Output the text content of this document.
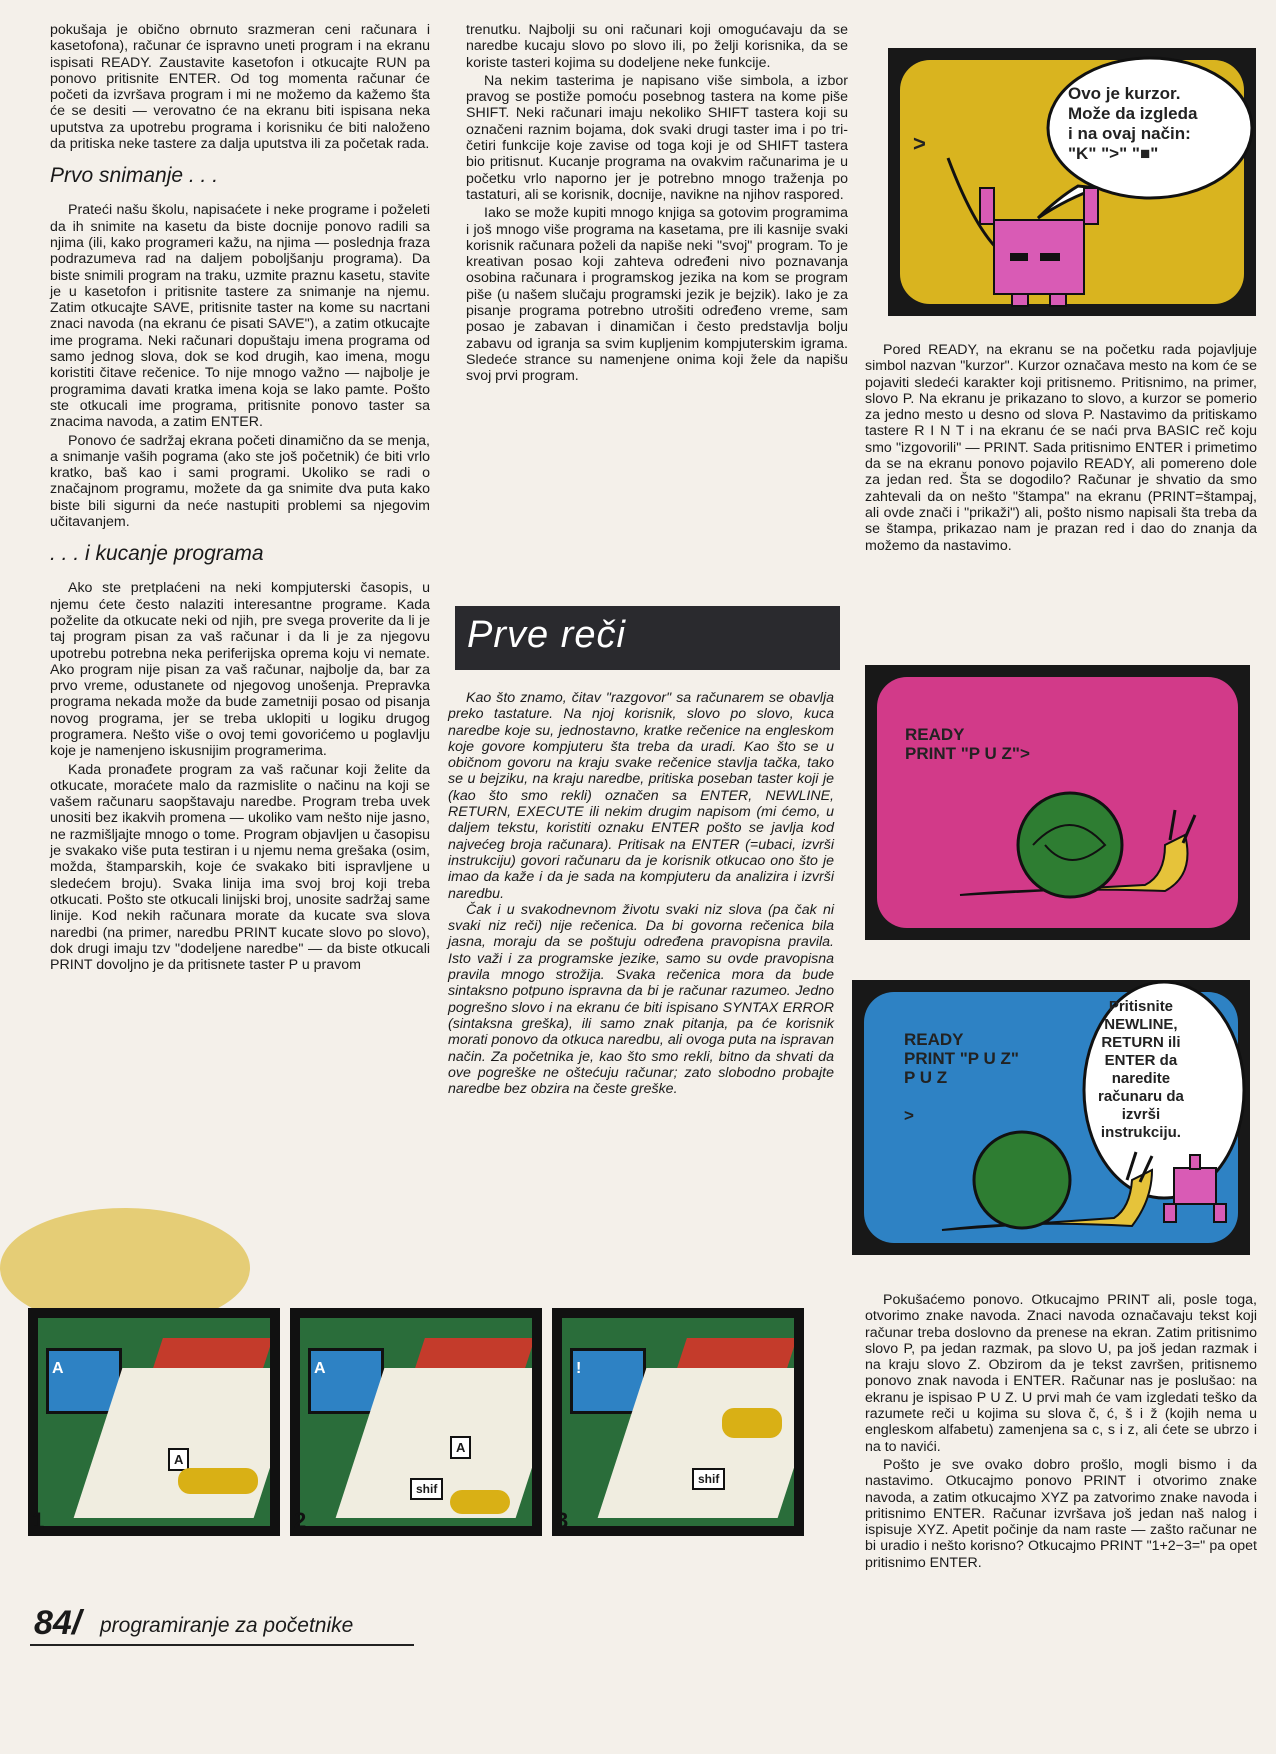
pokušaja je obično obrnuto srazmeran ceni računara i kasetofona), računar će ispravno uneti program i na ekranu ispisati READY. Zaustavite kasetofon i otkucajte RUN pa ponovo pritisnite ENTER. Od tog momenta računar će početi da izvršava program i mi ne možemo da kažemo šta će se desiti — verovatno će na ekranu biti ispisana neka uputstva za upotrebu programa i korisniku će biti naloženo da pritiska neke tastere za dalja uputstva ili za početak rada.

Prvo snimanje . . .

Prateći našu školu, napisaćete i neke programe i poželeti da ih snimite na kasetu da biste docnije ponovo radili sa njima (ili, kako programeri kažu, na njima — poslednja fraza podrazumeva rad na daljem poboljšanju programa). Da biste snimili program na traku, uzmite praznu kasetu, stavite je u kasetofon i pritisnite tastere za snimanje na njemu. Zatim otkucajte SAVE, pritisnite taster na kome su nacrtani znaci navoda (na ekranu će pisati SAVE"), a zatim otkucajte ime programa. Neki računari dopuštaju imena programa od samo jednog slova, dok se kod drugih, kao imena, mogu koristiti čitave rečenice. To nije mnogo važno — najbolje je programima davati kratka imena koja se lako pamte. Pošto ste otkucali ime programa, pritisnite ponovo taster sa znacima navoda, a zatim ENTER.

Ponovo će sadržaj ekrana početi dinamično da se menja, a snimanje vaših pograma (ako ste još početnik) će biti vrlo kratko, baš kao i sami programi. Ukoliko se radi o značajnom programu, možete da ga snimite dva puta kako biste bili sigurni da neće nastupiti problemi sa njegovim učitavanjem.

. . . i kucanje programa

Ako ste pretplaćeni na neki kompjuterski časopis, u njemu ćete često nalaziti interesantne programe. Kada poželite da otkucate neki od njih, pre svega proverite da li je taj program pisan za vaš računar i da li je za njegovu upotrebu potrebna neka periferijska oprema koju vi nemate. Ako program nije pisan za vaš računar, najbolje da, bar za prvo vreme, odustanete od njegovog unošenja. Prepravka programa nekada može da bude zametniji posao od pisanja novog programa, jer se treba uklopiti u logiku drugog programera. Nešto više o ovoj temi govorićemo u poglavlju koje je namenjeno iskusnijim programerima.

Kada pronađete program za vaš računar koji želite da otkucate, moraćete malo da razmislite o načinu na koji se vašem računaru saopštavaju naredbe. Program treba uvek unositi bez ikakvih promena — ukoliko vam nešto nije jasno, ne razmišljajte mnogo o tome. Program objavljen u časopisu je svakako više puta testiran i u njemu nema grešaka (osim, možda, štamparskih, koje će svakako biti ispravljene u sledećem broju). Svaka linija ima svoj broj koji treba otkucati. Pošto ste otkucali linijski broj, unosite sadržaj same linije. Kod nekih računara morate da kucate sva slova naredbi (na primer, naredbu PRINT kucate slovo po slovo), dok drugi imaju tzv "dodeljene naredbe" — da biste otkucali PRINT dovoljno je da pritisnete taster P u pravom

trenutku. Najbolji su oni računari koji omogućavaju da se naredbe kucaju slovo po slovo ili, po želji korisnika, da se koriste tasteri kojima su dodeljene neke funkcije.

Na nekim tasterima je napisano više simbola, a izbor pravog se postiže pomoću posebnog tastera na kome piše SHIFT. Neki računari imaju nekoliko SHIFT tastera koji su označeni raznim bojama, dok svaki drugi taster ima i po tri-četiri funkcije koje zavise od toga koji je od SHIFT tastera bio pritisnut. Kucanje programa na ovakvim računarima je u početku vrlo naporno jer je potrebno mnogo traženja po tastaturi, ali se korisnik, docnije, navikne na njihov raspored.

Iako se može kupiti mnogo knjiga sa gotovim programima i još mnogo više programa na kasetama, pre ili kasnije svaki korisnik računara poželi da napiše neki "svoj" program. To je kreativan posao koji zahteva određeni nivo poznavanja osobina računara i programskog jezika na kom se program piše (u našem slučaju programski jezik je bejzik). Iako je za pisanje programa potrebno utrošiti određeno vreme, sam posao je zabavan i dinamičan i često predstavlja bolju zabavu od igranja sa svim kupljenim kompjuterskim igrama. Sledeće strance su namenjene onima koji žele da napišu svoj prvi program.

Prve reči

Kao što znamo, čitav "razgovor" sa računarem se obavlja preko tastature. Na njoj korisnik, slovo po slovo, kuca naredbe koje su, jednostavno, kratke rečenice na engleskom koje govore kompjuteru šta treba da uradi. Kao što se u običnom govoru na kraju svake rečenice stavlja tačka, tako se u bejziku, na kraju naredbe, pritiska poseban taster koji je (kao što smo rekli) označen sa ENTER, NEWLINE, RETURN, EXECUTE ili nekim drugim napisom (mi ćemo, u daljem tekstu, koristiti oznaku ENTER pošto se javlja kod najvećeg broja računara). Pritisak na ENTER (=ubaci, izvrši instrukciju) govori računaru da je korisnik otkucao ono što je imao da kaže i da je sada na kompjuteru da analizira i izvrši naredbu.

Čak i u svakodnevnom životu svaki niz slova (pa čak ni svaki niz reči) nije rečenica. Da bi govorna rečenica bila jasna, moraju da se poštuju određena pravopisna pravila. Isto važi i za programske jezike, samo su ovde pravopisna pravila mnogo strožija. Svaka rečenica mora da bude sintaksno potpuno ispravna da bi je računar razumeo. Jedno pogrešno slovo i na ekranu će biti ispisano SYNTAX ERROR (sintaksna greška), ili samo znak pitanja, pa će korisnik morati ponovo da otkuca naredbu, ali ovoga puta na ispravan način. Za početnika je, kao što smo rekli, bitno da shvati da ove pogreške ne oštećuju računar; zato slobodno probajte naredbe bez obzira na česte greške.

Ovo je kurzor.
Može da izgleda
i na ovaj način:
"K" ">" "■"
>
READY
PRINT "P U Z">
READY
PRINT "P U Z"
P U Z

>
Pritisnite
NEWLINE,
RETURN ili
ENTER da
naredite
računaru da
izvrši
instrukciju.

Pored READY, na ekranu se na početku rada pojavljuje simbol nazvan "kurzor". Kurzor označava mesto na kom će se pojaviti sledeći karakter koji pritisnemo. Pritisnimo, na primer, slovo P. Na ekranu je prikazano to slovo, a kurzor se pomerio za jedno mesto u desno od slova P. Nastavimo da pritiskamo tastere R I N T i na ekranu će se naći prva BASIC reč koju smo "izgovorili" — PRINT. Sada pritisnimo ENTER i primetimo da se na ekranu ponovo pojavilo READY, ali pomereno dole za jedan red. Šta se dogodilo? Računar je shvatio da smo zahtevali da on nešto "štampa" na ekranu (PRINT=štampaj, ali ovde znači i "prikaži") ali, pošto nismo napisali šta treba da se štampa, prikazao nam je prazan red i dao do znanja da možemo da nastavimo.

Pokušaćemo ponovo. Otkucajmo PRINT ali, posle toga, otvorimo znake navoda. Znaci navoda označavaju tekst koji računar treba doslovno da prenese na ekran. Zatim pritisnimo slovo P, pa jedan razmak, pa slovo U, pa još jedan razmak i na kraju slovo Z. Obzirom da je tekst završen, pritisnemo ponovo znak navoda i ENTER. Računar nas je poslušao: na ekranu je ispisao P U Z. U prvi mah će vam izgledati teško da razumete reči u kojima su slova č, ć, š i ž (kojih nema u engleskom alfabetu) zamenjena sa c, s i z, ali ćete se ubrzo i na to navići.

Pošto je sve ovako dobro prošlo, mogli bismo i da nastavimo. Otkucajmo ponovo PRINT i otvorimo znake navoda, a zatim otkucajmo XYZ pa zatvorimo znake navoda i pritisnimo ENTER. Računar izvršava još jedan naš nalog i ispisuje XYZ. Apetit počinje da nam raste — zašto računar ne bi uradio i nešto korisno? Otkucajmo PRINT "1+2−3=" pa opet pritisnimo ENTER.

A
A
1
A
A
shif
2
!
shif
3
84/ programiranje za početnike
